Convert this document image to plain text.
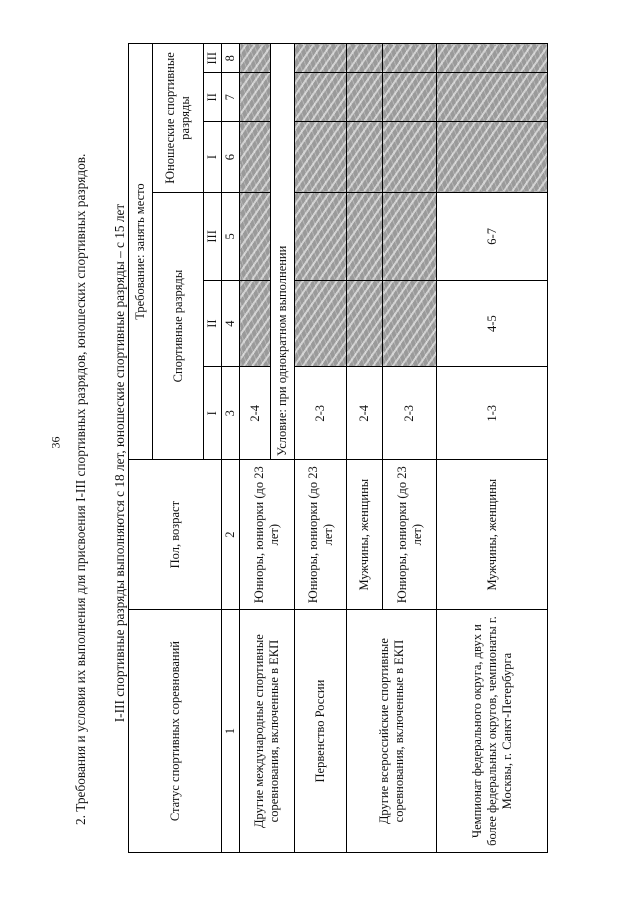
36 2. Требования и условия их выполнения для присвоения I-III спортивных разрядов, юношеских спортивных разрядов. I-III спортивные разряды выполняются с 18 лет, юношеские спортивные разряды – с 15 лет
Статус спортивных соревнований	Пол, возраст	Требование: занять место					
		Спортивные разряды			Юношеские спортивные разряды		
		I	II	III	I	II	III
1	2	3	4	5	6	7	8
Другие международные спортивные соревнования, включенные в ЕКП	Юниоры, юниорки (до 23 лет)	2-4					
		Условие: при однократном выполнении					
Первенство России	Юниоры, юниорки (до 23 лет)	2-3					
Другие всероссийские спортивные соревнования, включенные в ЕКП	Мужчины, женщины	2-4					
	Юниоры, юниорки (до 23 лет)	2-3					
Чемпионат федерального округа, двух и более федеральных округов, чемпионаты г. Москвы, г. Санкт-Петербурга	Мужчины, женщины	1-3	4-5	6-7			
